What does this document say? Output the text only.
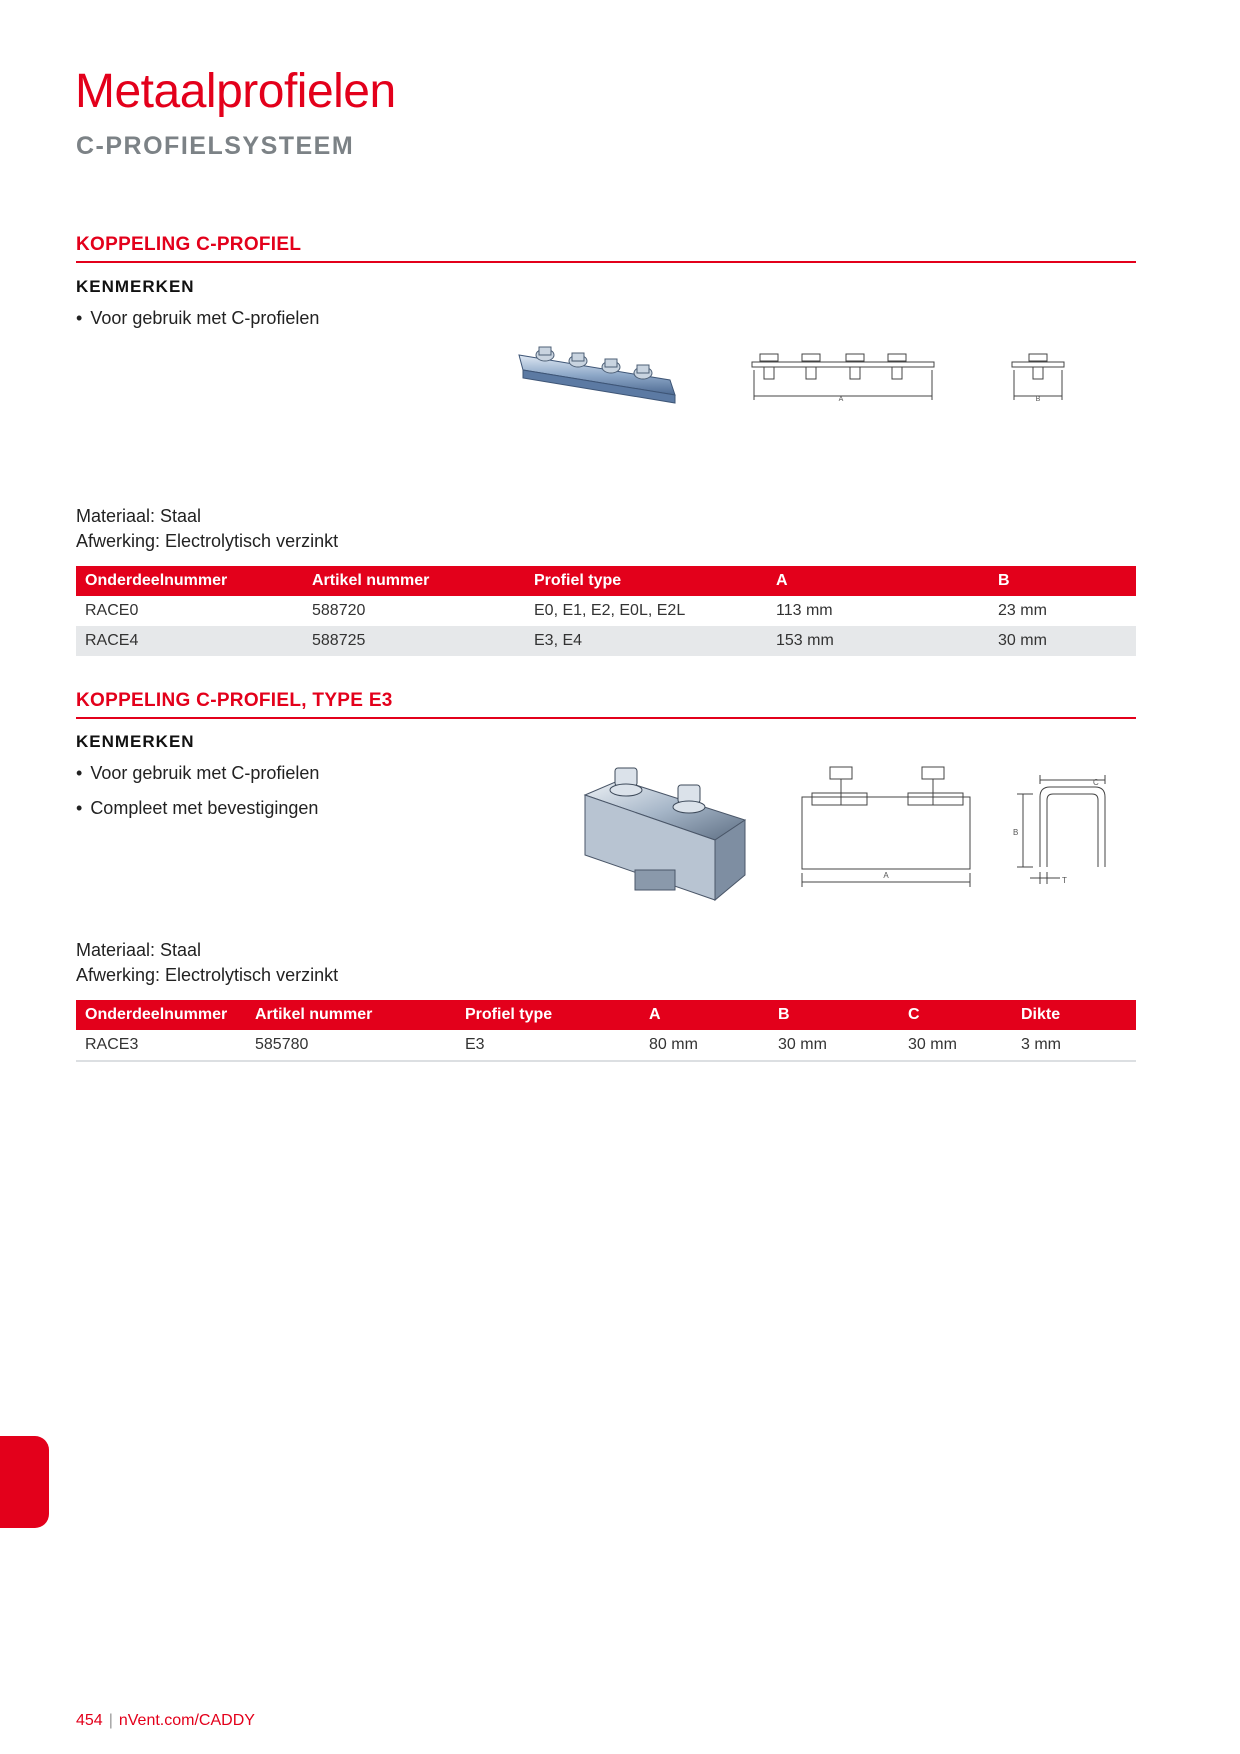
Metaalprofielen
C-PROFIELSYSTEEM
KOPPELING C-PROFIEL
KENMERKEN
• Voor gebruik met C-profielen
A	B
Materiaal: Staal
Afwerking: Electrolytisch verzinkt
Onderdeelnummer	Artikel nummer	Profiel type	A	B
RACE0	588720	E0, E1, E2, E0L, E2L	113 mm	23 mm
RACE4	588725	E3, E4	153 mm	30 mm
KOPPELING C-PROFIEL, TYPE E3
KENMERKEN
• Voor gebruik met C-profielen
• Compleet met bevestigingen
A
C
B
T
Materiaal: Staal
Afwerking: Electrolytisch verzinkt
Onderdeelnummer	Artikel nummer	Profiel type	A	B	C	Dikte
RACE3	585780	E3	80 mm	30 mm	30 mm	3 mm
454 | nVent.com/CADDY
